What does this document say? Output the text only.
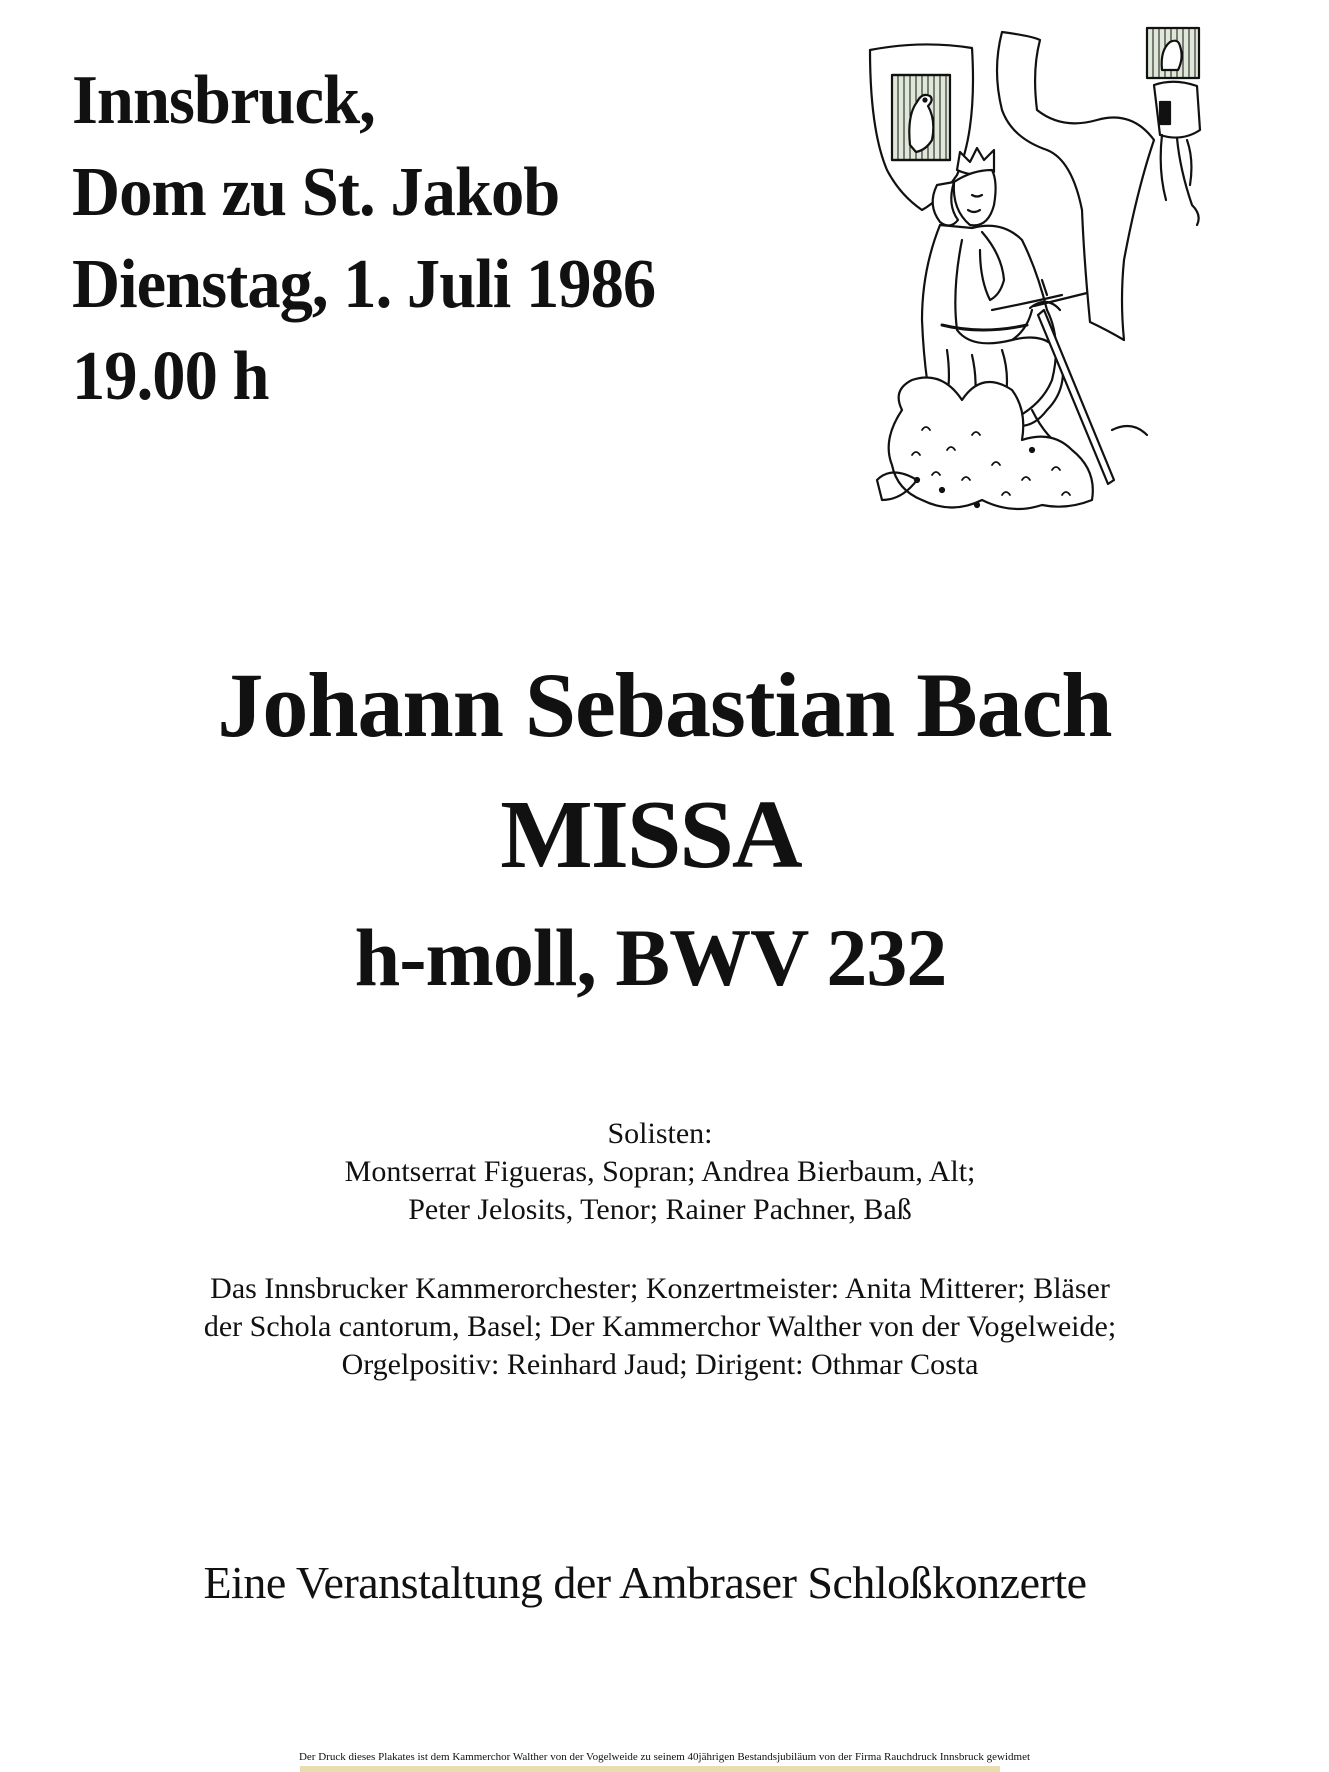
Innsbruck,
Dom zu St. Jakob
Dienstag, 1. Juli 1986
19.00 h
Johann Sebastian Bach
MISSA
h-moll, BWV 232
Solisten:
Montserrat Figueras, Sopran; Andrea Bierbaum, Alt;
Peter Jelosits, Tenor; Rainer Pachner, Baß
Das Innsbrucker Kammerorchester; Konzertmeister: Anita Mitterer; Bläser
der Schola cantorum, Basel; Der Kammerchor Walther von der Vogelweide;
Orgelpositiv: Reinhard Jaud; Dirigent: Othmar Costa
Eine Veranstaltung der Ambraser Schloßkonzerte
Der Druck dieses Plakates ist dem Kammerchor Walther von der Vogelweide zu seinem 40jährigen Bestandsjubiläum von der Firma Rauchdruck Innsbruck gewidmet
